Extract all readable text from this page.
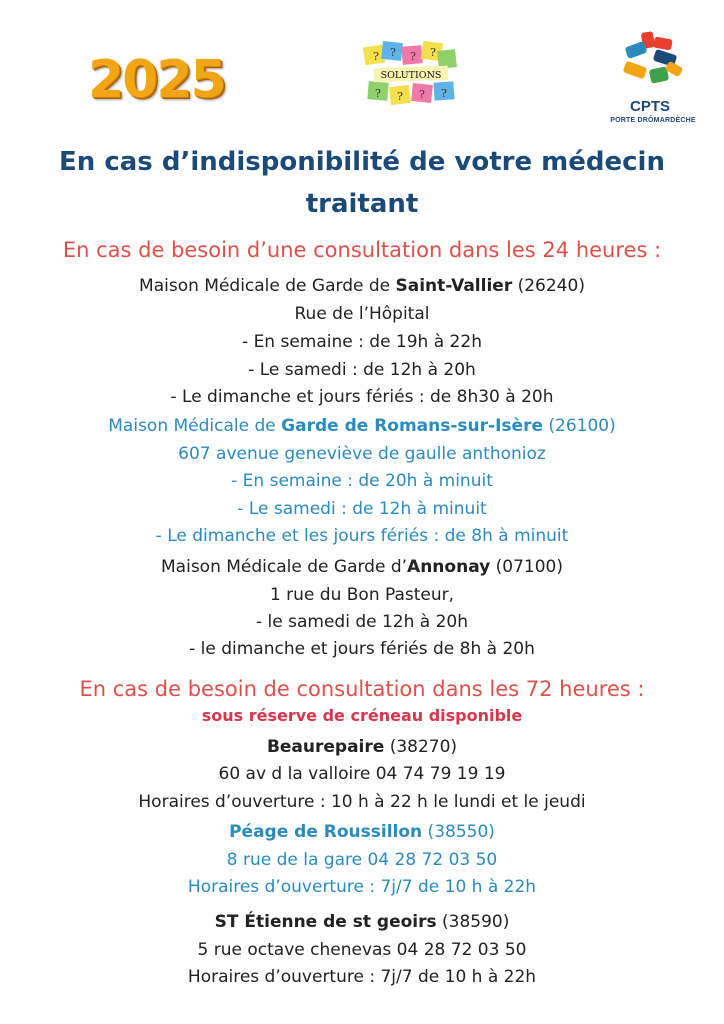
2025	? ? ? ?
? ? ? ?
SOLUTIONS
CPTS
PORTE DRÔMARDÈCHE
En cas d’indisponibilité de votre médecin
traitant
En cas de besoin d’une consultation dans les 24 heures :
Maison Médicale de Garde de Saint-Vallier (26240)
Rue de l’Hôpital
- En semaine : de 19h à 22h
- Le samedi : de 12h à 20h
- Le dimanche et jours fériés : de 8h30 à 20h
Maison Médicale de Garde de Romans-sur-Isère (26100)
607 avenue geneviève de gaulle anthonioz
- En semaine : de 20h à minuit
- Le samedi : de 12h à minuit
- Le dimanche et les jours fériés : de 8h à minuit
Maison Médicale de Garde d’Annonay (07100)
1 rue du Bon Pasteur,
- le samedi de 12h à 20h
- le dimanche et jours fériés de 8h à 20h
En cas de besoin de consultation dans les 72 heures :
sous réserve de créneau disponible
Beaurepaire (38270)
60 av d la valloire 04 74 79 19 19
Horaires d’ouverture : 10 h à 22 h le lundi et le jeudi
Péage de Roussillon (38550)
8 rue de la gare 04 28 72 03 50
Horaires d’ouverture : 7j/7 de 10 h à 22h
ST Étienne de st geoirs (38590)
5 rue octave chenevas 04 28 72 03 50
Horaires d’ouverture : 7j/7 de 10 h à 22h
